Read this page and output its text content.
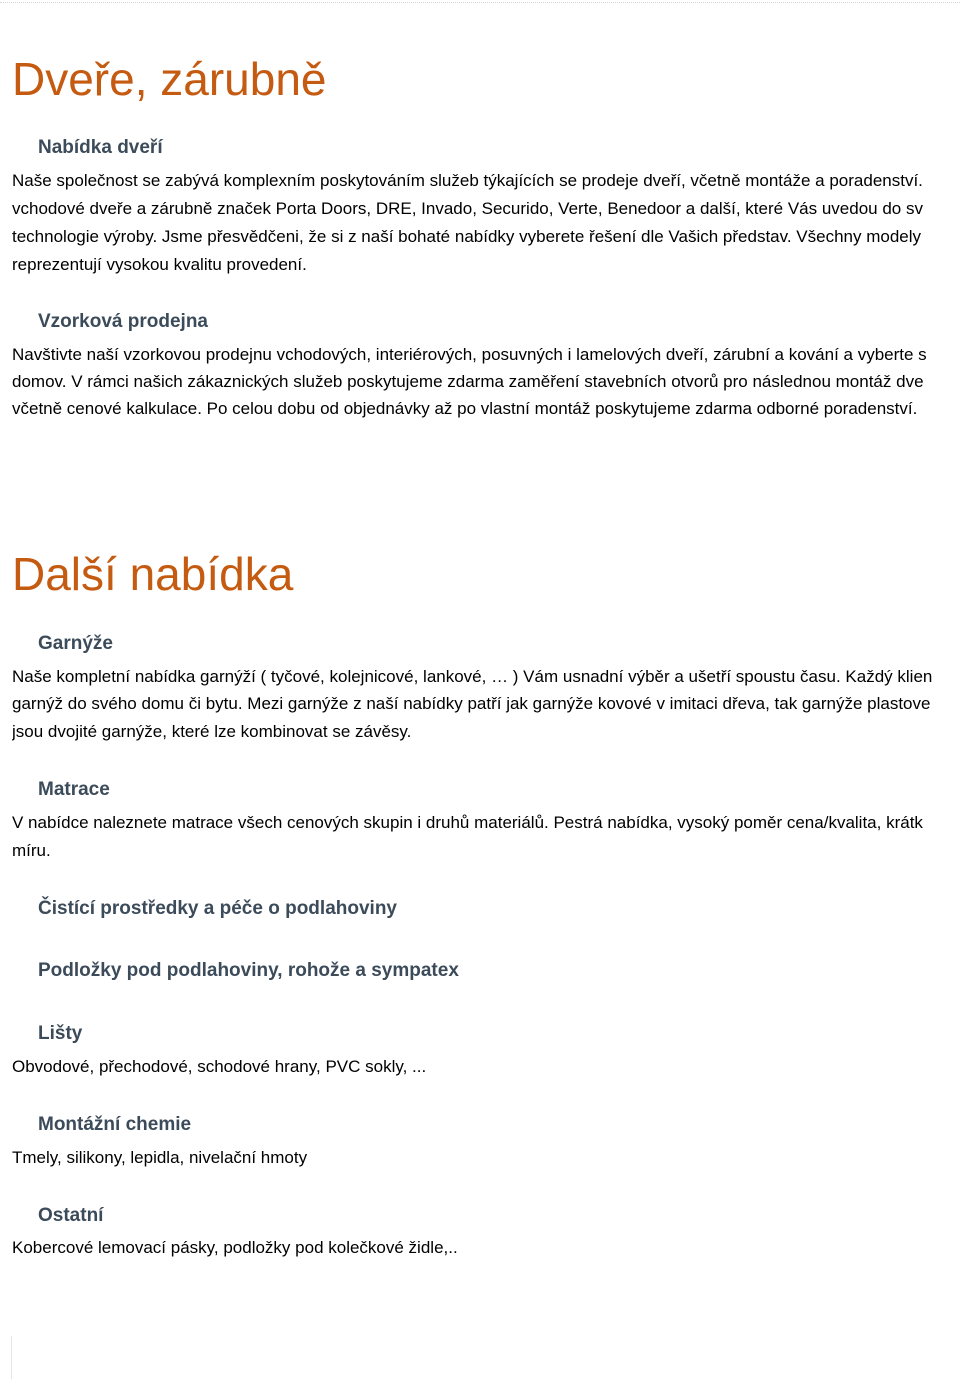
Dveře, zárubně
Nabídka dveří
Naše společnost se zabývá komplexním poskytováním služeb týkajících se prodeje dveří, včetně montáže a poradenství.
vchodové dveře a zárubně značek Porta Doors, DRE, Invado, Securido, Verte, Benedoor a další, které Vás uvedou do sv
technologie výroby. Jsme přesvědčeni, že si z naší bohaté nabídky vyberete řešení dle Vašich představ. Všechny modely
reprezentují vysokou kvalitu provedení.
Vzorková prodejna
Navštivte naší vzorkovou prodejnu vchodových, interiérových, posuvných i lamelových dveří, zárubní a kování a vyberte s
domov. V rámci našich zákaznických služeb poskytujeme zdarma zaměření stavebních otvorů pro následnou montáž dve
včetně cenové kalkulace. Po celou dobu od objednávky až po vlastní montáž poskytujeme zdarma odborné poradenství.
Další nabídka
Garnýže
Naše kompletní nabídka garnýží ( tyčové, kolejnicové, lankové, … ) Vám usnadní výběr a ušetří spoustu času. Každý klien
garnýž do svého domu či bytu. Mezi garnýže z naší nabídky patří jak garnýže kovové v imitaci dřeva, tak garnýže plastove
jsou dvojité garnýže, které lze kombinovat se závěsy.
Matrace
V nabídce naleznete matrace všech cenových skupin i druhů materiálů. Pestrá nabídka, vysoký poměr cena/kvalita, krátk
míru.
Čistící prostředky a péče o podlahoviny
Podložky pod podlahoviny, rohože a sympatex
Lišty
Obvodové, přechodové, schodové hrany, PVC sokly, ...
Montážní chemie
Tmely, silikony, lepidla, nivelační hmoty
Ostatní
Kobercové lemovací pásky, podložky pod kolečkové židle,..
